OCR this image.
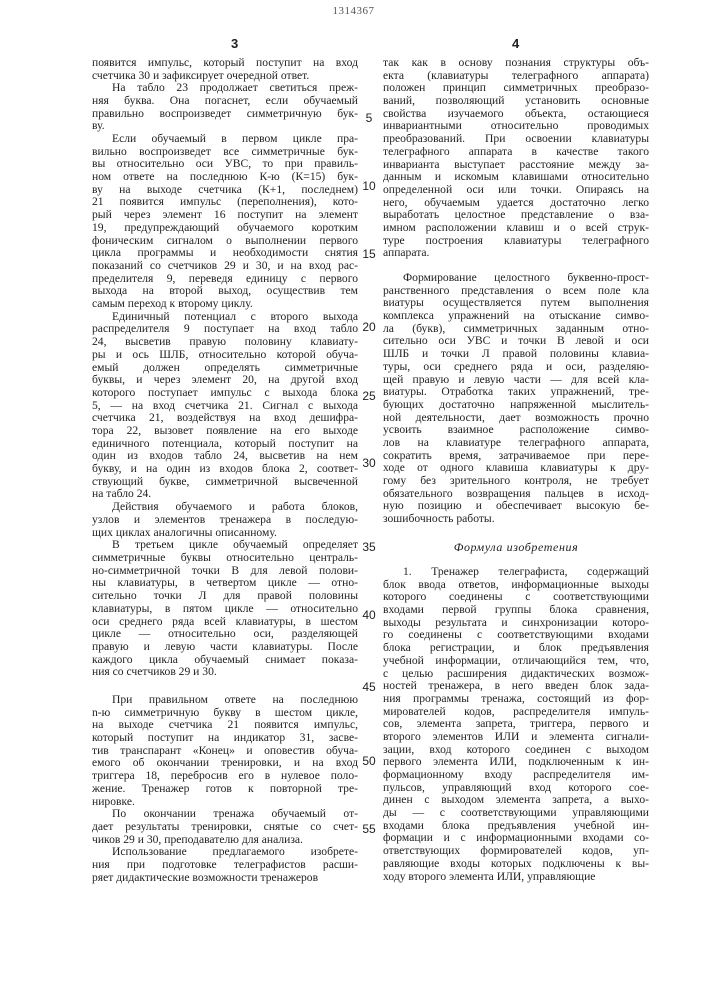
1314367
3	4
появится импульс, который поступит на вход
счетчика 30 и зафиксирует очередной ответ.
На табло 23 продолжает светиться преж-
няя буква. Она погаснет, если обучаемый
правильно воспроизведет симметричную бук-
ву.
Если обучаемый в первом цикле пра-
вильно воспроизведет все симметричные бук-
вы относительно оси УВС, то при правиль-
ном ответе на последнюю К-ю (К=15) бук-
ву на выходе счетчика (К+1, последнем)
21 появится импульс (переполнения), кото-
рый через элемент 16 поступит на элемент
19, предупреждающий обучаемого коротким
фоническим сигналом о выполнении первого
цикла программы и необходимости снятия
показаний со счетчиков 29 и 30, и на вход рас-
пределителя 9, переведя единицу с первого
выхода на второй выход, осуществив тем
самым переход к второму циклу.
Единичный потенциал с второго выхода
распределителя 9 поступает на вход табло
24, высветив правую половину клавиату-
ры и ось ШЛБ, относительно которой обуча-
емый должен определять симметричные
буквы, и через элемент 20, на другой вход
которого поступает импульс с выхода блока
5, — на вход счетчика 21. Сигнал с выхода
счетчика 21, воздействуя на вход дешифра-
тора 22, вызовет появление на его выходе
единичного потенциала, который поступит на
один из входов табло 24, высветив на нем
букву, и на один из входов блока 2, соответ-
ствующий букве, симметричной высвеченной
на табло 24.
Действия обучаемого и работа блоков,
узлов и элементов тренажера в последую-
щих циклах аналогичны описанному.
В третьем цикле обучаемый определяет
симметричные буквы относительно централь-
но-симметричной точки В для левой полови-
ны клавиатуры, в четвертом цикле — отно-
сительно точки Л для правой половины
клавиатуры, в пятом цикле — относительно
оси среднего ряда всей клавиатуры, в шестом
цикле — относительно оси, разделяющей
правую и левую части клавиатуры. После
каждого цикла обучаемый снимает показа-
ния со счетчиков 29 и 30.
При правильном ответе на последнюю
n-ю симметричную букву в шестом цикле,
на выходе счетчика 21 появится импульс,
который поступит на индикатор 31, засве-
тив транспарант «Конец» и оповестив обуча-
емого об окончании тренировки, и на вход
триггера 18, перебросив его в нулевое поло-
жение. Тренажер готов к повторной тре-
нировке.
По окончании тренажа обучаемый от-
дает результаты тренировки, снятые со счет-
чиков 29 и 30, преподавателю для анализа.
Использование предлагаемого изобрете-
ния при подготовке телеграфистов расши-
ряет дидактические возможности тренажеров
так как в основу познания структуры объ-
екта (клавиатуры телеграфного аппарата)
положен принцип симметричных преобразо-
ваний, позволяющий установить основные
свойства изучаемого объекта, остающиеся
инвариантными относительно проводимых
преобразований. При освоении клавиатуры
телеграфного аппарата в качестве такого
инварианта выступает расстояние между за-
данным и искомым клавишами относительно
определенной оси или точки. Опираясь на
него, обучаемым удается достаточно легко
выработать целостное представление о вза-
имном расположении клавиш и о всей струк-
туре построения клавиатуры телеграфного
аппарата.
Формирование целостного буквенно-прост-
ранственного представления о всем поле кла
виатуры осуществляется путем выполнения
комплекса упражнений на отыскание симво-
ла (букв), симметричных заданным отно-
сительно оси УВС и точки В левой и оси
ШЛБ и точки Л правой половины клавиа-
туры, оси среднего ряда и оси, разделяю-
щей правую и левую части — для всей кла-
виатуры. Отработка таких упражнений, тре-
бующих достаточно напряженной мыслитель-
ной деятельности, дает возможность прочно
усвоить взаимное расположение симво-
лов на клавиатуре телеграфного аппарата,
сократить время, затрачиваемое при пере-
ходе от одного клавиша клавиатуры к дру-
гому без зрительного контроля, не требует
обязательного возвращения пальцев в исход-
ную позицию и обеспечивает высокую бе-
зошибочность работы.
1. Тренажер телеграфиста, содержащий
блок ввода ответов, информационные выходы
которого соединены с соответствующими
входами первой группы блока сравнения,
выходы результата и синхронизации которо-
го соединены с соответствующими входами
блока регистрации, и блок предъявления
учебной информации, отличающийся тем, что,
с целью расширения дидактических возмож-
ностей тренажера, в него введен блок зада-
ния программы тренажа, состоящий из фор-
мирователей кодов, распределителя импуль-
сов, элемента запрета, триггера, первого и
второго элементов ИЛИ и элемента сигнали-
зации, вход которого соединен с выходом
первого элемента ИЛИ, подключенным к ин-
формационному входу распределителя им-
пульсов, управляющий вход которого сое-
динен с выходом элемента запрета, а выхо-
ды — с соответствующими управляющими
входами блока предъявления учебной ин-
формации и с информационными входами со-
ответствующих формирователей кодов, уп-
равляющие входы которых подключены к вы-
ходу второго элемента ИЛИ, управляющие
Формула изобретения
5
10
15
20
25
30
35
40
45
50
55
